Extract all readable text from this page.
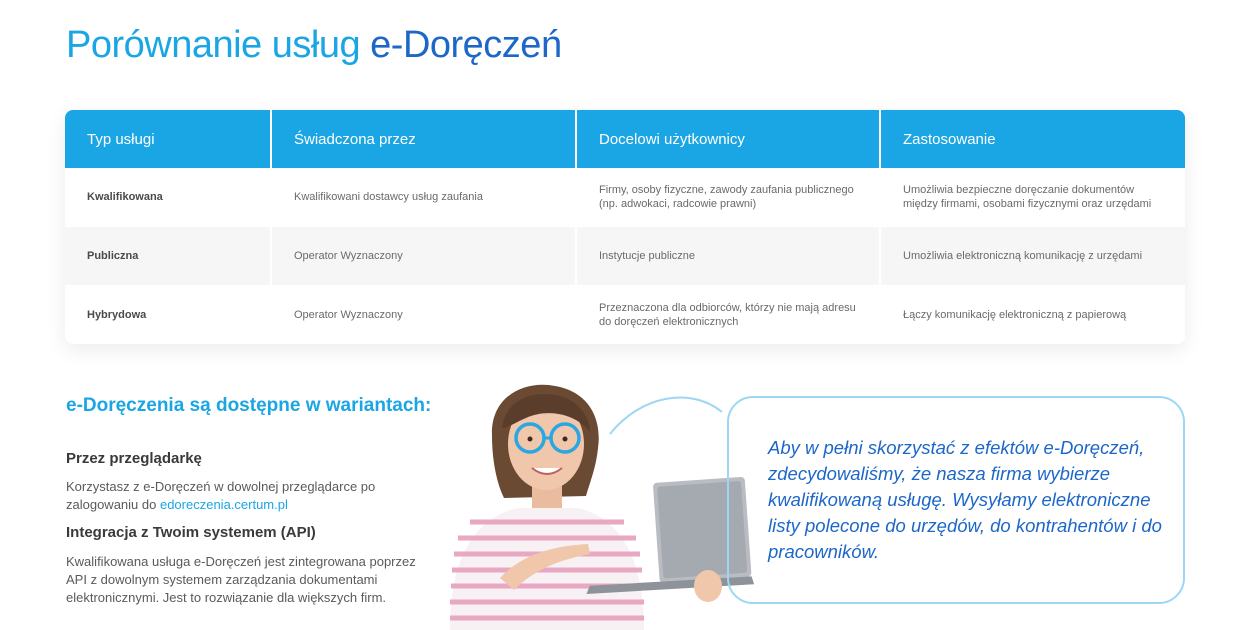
Porównanie usług e-Doręczeń
Typ usługi	Świadczona przez	Docelowi użytkownicy	Zastosowanie
Kwalifikowana	Kwalifikowani dostawcy usług zaufania	Firmy, osoby fizyczne, zawody zaufania publicznego (np. adwokaci, radcowie prawni)	Umożliwia bezpieczne doręczanie dokumentów między firmami, osobami fizycznymi oraz urzędami
Publiczna	Operator Wyznaczony	Instytucje publiczne	Umożliwia elektroniczną komunikację z urzędami
Hybrydowa	Operator Wyznaczony	Przeznaczona dla odbiorców, którzy nie mają adresu do doręczeń elektronicznych	Łączy komunikację elektroniczną z papierową
e-Doręczenia są dostępne w wariantach:
Przez przeglądarkę

Korzystasz z e-Doręczeń w dowolnej przeglądarce po zalogowaniu do edoreczenia.certum.pl

Integracja z Twoim systemem (API)

Kwalifikowana usługa e-Doręczeń jest zintegrowana poprzez API z dowolnym systemem zarządzania dokumentami elektronicznymi. Jest to rozwiązanie dla większych firm.

Aby w pełni skorzystać z efektów e-Doręczeń, zdecydowaliśmy, że nasza firma wybierze kwalifikowaną usługę. Wysyłamy elektroniczne listy polecone do urzędów, do kontrahentów i do pracowników.
